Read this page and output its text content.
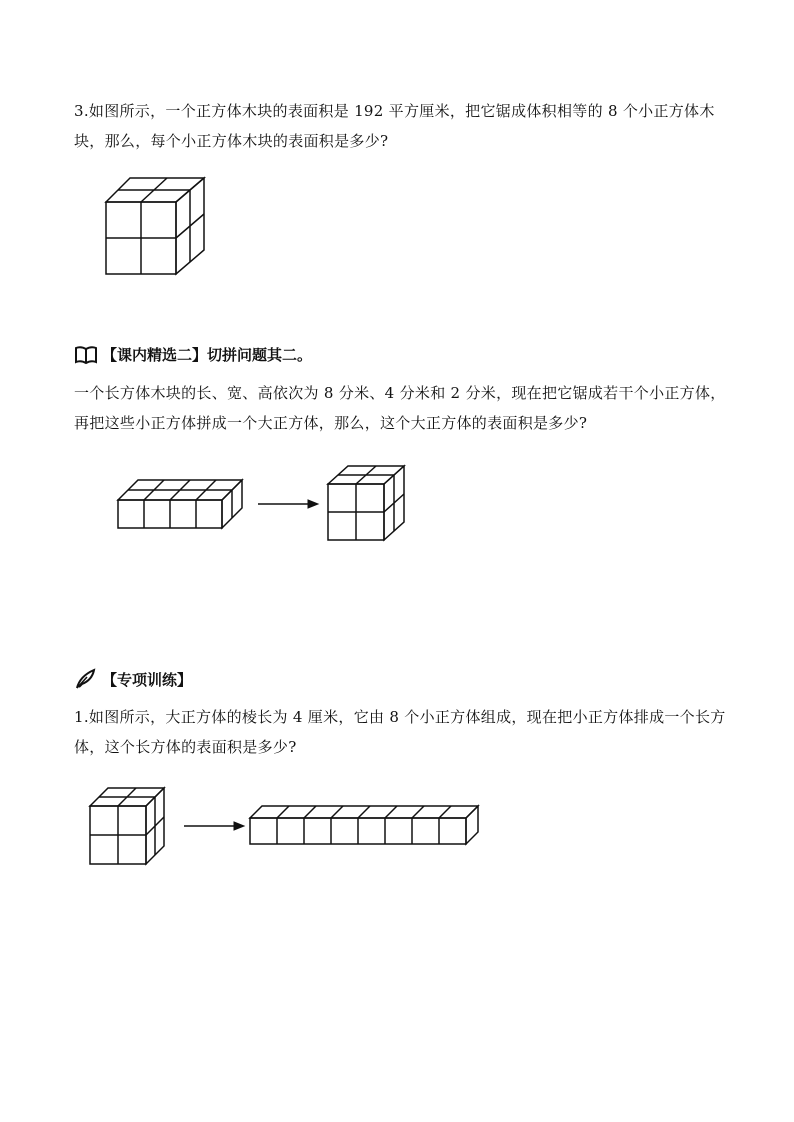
3.如图所示，一个正方体木块的表面积是 192 平方厘米，把它锯成体积相等的 8 个小正方体木块，那么，每个小正方体木块的表面积是多少?

【课内精选二】切拼问题其二。

一个长方体木块的长、宽、高依次为 8 分米、4 分米和 2 分米，现在把它锯成若干个小正方体，再把这些小正方体拼成一个大正方体，那么，这个大正方体的表面积是多少?

【专项训练】

1.如图所示，大正方体的棱长为 4 厘米，它由 8 个小正方体组成，现在把小正方体排成一个长方体，这个长方体的表面积是多少?
